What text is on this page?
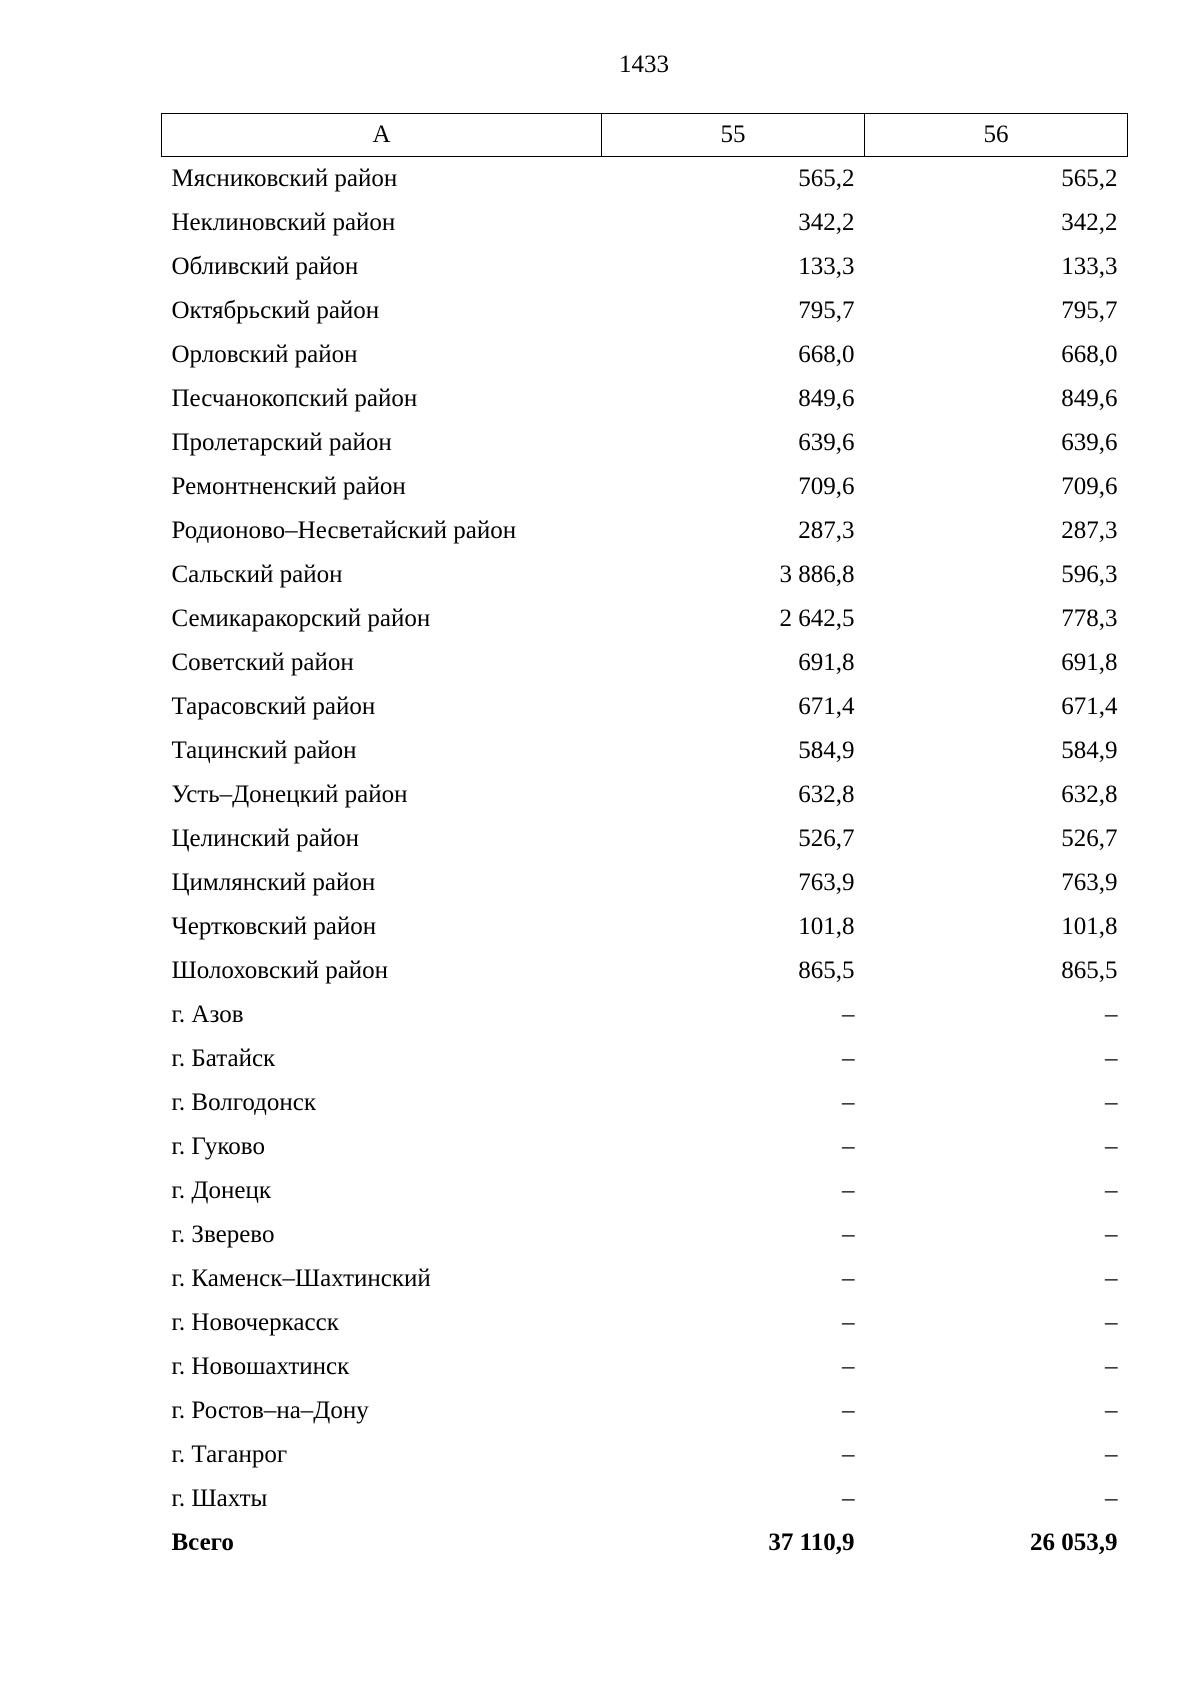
1433
А	55	56
Мясниковский район	565,2	565,2
Неклиновский район	342,2	342,2
Обливский район	133,3	133,3
Октябрьский район	795,7	795,7
Орловский район	668,0	668,0
Песчанокопский район	849,6	849,6
Пролетарский район	639,6	639,6
Ремонтненский район	709,6	709,6
Родионово–Несветайский район	287,3	287,3
Сальский район	3 886,8	596,3
Семикаракорский район	2 642,5	778,3
Советский район	691,8	691,8
Тарасовский район	671,4	671,4
Тацинский район	584,9	584,9
Усть–Донецкий район	632,8	632,8
Целинский район	526,7	526,7
Цимлянский район	763,9	763,9
Чертковский район	101,8	101,8
Шолоховский район	865,5	865,5
г. Азов	–	–
г. Батайск	–	–
г. Волгодонск	–	–
г. Гуково	–	–
г. Донецк	–	–
г. Зверево	–	–
г. Каменск–Шахтинский	–	–
г. Новочеркасск	–	–
г. Новошахтинск	–	–
г. Ростов–на–Дону	–	–
г. Таганрог	–	–
г. Шахты	–	–
Всего	37 110,9	26 053,9
